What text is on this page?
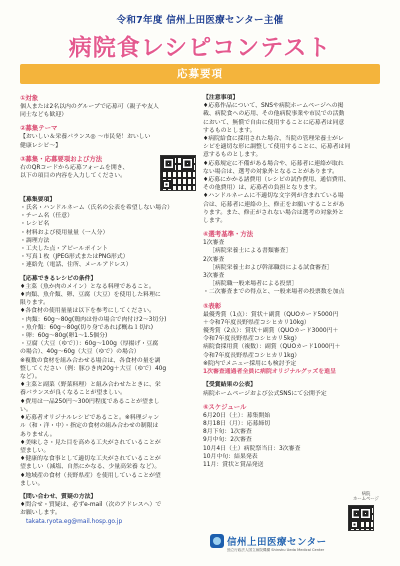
令和7年度 信州上田医療センター主催
病院食レシピコンテスト
応募要項
①対象
個人または2名以内のグループで応募可（親子や友人
同士なども歓迎）
②募集テーマ
【おいしい＆栄養バランス◎ ～市民発！おいしい
健康レシピ～】
③募集・応募要項および方法
右のQRコードから応募フォームを開き、
以下の項目の内容を入力してください。
【募集要項】
・氏名・ハンドルネーム（氏名の公表を希望しない場合）
・チーム名（任意）
・レシピ名
・材料および使用量量（一人分）
・調理方法
・工夫した点・アピールポイント
・写真１枚（JPEG形式またはPNG形式）
・連絡先（電話、住所、メールアドレス）
【応募できるレシピの条件】
♦主菜（魚か肉のメイン）となる料理であること。
♦肉類、魚介類、卵、豆腐（大豆）を使用した料理に
限ります。
♦各食材の使用量量は以下を参考にしてください。
・肉類：60g～80g(鶏肉は骨の場合で肉付け2～3切分)
・魚介類：60g～80g(切り身であれば概ね１切れ)
・卵：60g～80g(卵1～1.5個分)
・豆腐（大豆（ゆで））：60g～100g（厚揚げ・豆腐
の場合）、40g～60g（大豆（ゆで）の場合）
※複数の食材を組み合わせる場合は、各食材の量を調
整してください（例：豚ひき肉20g＋大豆（ゆで）40g
など）。
♦主菜と副菜（野菜料理）と組み合わせたときに、栄
養バランスが良くなることが望ましい。
♦費用は一品250円～300円程度であることが望まし
い。
♦応募者オリジナルレシピであること。※料理ジャン
ル（和・洋・中）・指定の食材の組み合わせの制限は
ありません。
♦美味しさ・見た目を高める工夫がされていることが
望ましい。
♦健康的な食事として適切な工夫がされていることが
望ましい（減塩、自然にかなる、少量高栄養 など）。
♦地域産の食材（長野県産）を使用していることが望
ましい。
【問い合わせ、質疑の方法】
♦問合せ・質疑は、必ずe-mail（次のアドレスへ）で
お願いします。
takata.ryota.eg@mail.hosp.go.jp
【注意事項】
♦応募作品について、SNSや病院ホームページへの掲
載、病院食への応用、その他病院事業や市民での活動
において、無償で自由に使用することに応募者は同意
するものとします。
♦病院給食に採用された場合、当院の管理栄養士がレ
シピを適切な形に調整して使用することに、応募者は同
意するものとします。
♦応募規定に不備がある場合や、応募者に連絡が取れ
ない場合は、選考の対象外となることがあります。
♦応募にかかる諸費用（レシピの試作費用、通信費用、
その他費用）は、応募者の負担となります。
♦ハンドルネームに不適切な文字列が含まれている場
合は、応募者に連絡の上、修正をお願いすることがあ
ります。また、修正がされない場合は選考の対象外と
します。
④選考基準・方法
1次審査
［病院栄養士による書類審査］
2次審査
［病院栄養士および幹部職員による試食審査］
3次審査
［病院職一般来場者による投票］
・二次審査までの得点と、一般来場者の投票数を加点
⑤表彰
最優秀賞（1点）：賞状＋副賞（QUOカード5000円
＋令和7年度長野県産コシヒカリ10kg）
優秀賞（2点）：賞状＋副賞（QUOカード3000円＋
令和7年度長野県産コシヒカリ5kg）
病院食採用賞（複数）：副賞（QUOカード1000円＋
令和7年度長野県産コシヒカリ1kg）
※院内でメニュー採用にも検討予定
1次審査通過者全員に病院オリジナルグッズを進呈
【受賞結果の公表】
病院ホームページおよび公式SNSにて公開予定
⑥スケジュール
6月20日（土）：募集開始
8月18日（月）：応募締切
8月下旬：1次審査
9月中旬：2次審査
10月4日（土）病院祭当日：3次審査
10月中旬：結果発表
11月：賞状と賞品発送
病院
ホームページ
信州上田医療センター
独立行政法人国立病院機構 Shinshu Ueda Medical Center
